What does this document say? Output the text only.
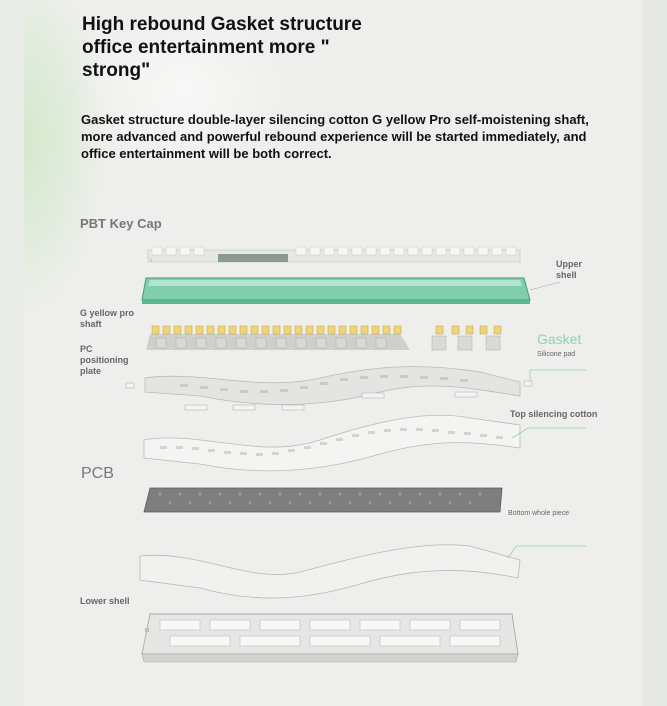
High rebound Gasket structure office entertainment more " strong"

Gasket structure double-layer silencing cotton G yellow Pro self-moistening shaft, more advanced and powerful rebound experience will be started immediately, and office entertainment will be both correct.

PBT Key Cap

Upper shell

G yellow pro shaft

Gasket

Silicone pad

PC positioning plate

Top silencing cotton

PCB

Bottom whole piece

Lower shell
